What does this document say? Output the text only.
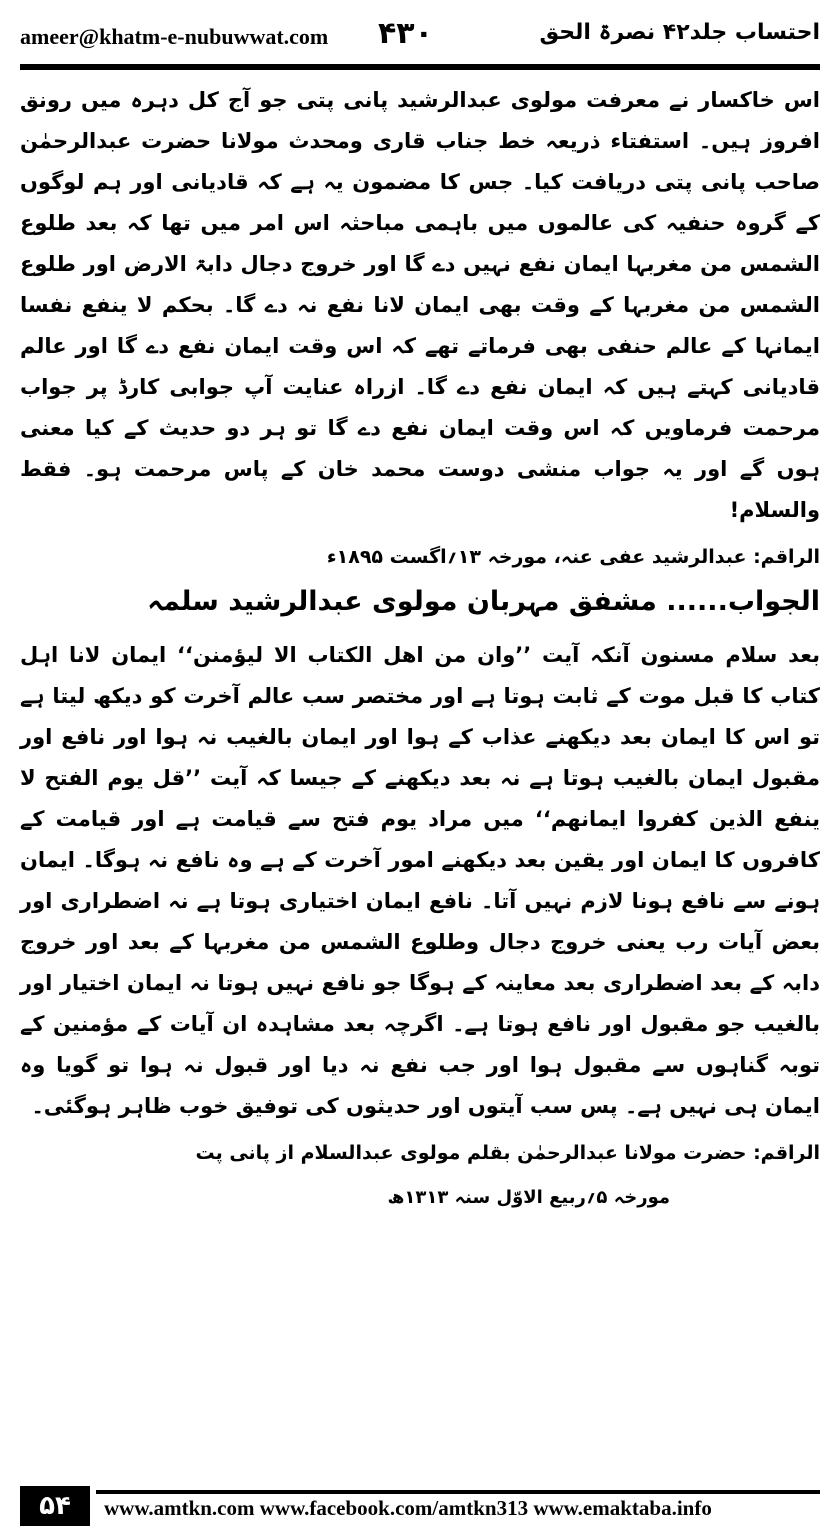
ameer@khatm-e-nubuwwat.com ۴۳۰	احتساب جلد۴۲ نصرۃ الحق

اس خاکسار نے معرفت مولوی عبدالرشید پانی پتی جو آج کل دہرہ میں رونق افروز ہیں۔ استفتاء ذریعہ خط جناب قاری ومحدث مولانا حضرت عبدالرحمٰن صاحب پانی پتی دریافت کیا۔ جس کا مضمون یہ ہے کہ قادیانی اور ہم لوگوں کے گروہ حنفیہ کی عالموں میں باہمی مباحثہ اس امر میں تھا کہ بعد طلوع الشمس من مغربہا ایمان نفع نہیں دے گا اور خروج دجال دابۃ الارض اور طلوع الشمس من مغربہا کے وقت بھی ایمان لانا نفع نہ دے گا۔ بحکم لا ینفع نفسا ایمانہا کے عالم حنفی بھی فرماتے تھے کہ اس وقت ایمان نفع دے گا اور عالم قادیانی کہتے ہیں کہ ایمان نفع دے گا۔ ازراہ عنایت آپ جوابی کارڈ پر جواب مرحمت فرماویں کہ اس وقت ایمان نفع دے گا تو ہر دو حدیث کے کیا معنی ہوں گے اور یہ جواب منشی دوست محمد خان کے پاس مرحمت ہو۔ فقط والسلام!

الراقم: عبدالرشید عفی عنہ، مورخہ ۱۳؍اگست ۱۸۹۵ء

الجواب...... مشفق مہربان مولوی عبدالرشید سلمہ

بعد سلام مسنون آنکہ آیت ’’وان من اھل الکتاب الا لیؤمنن‘‘ ایمان لانا اہل کتاب کا قبل موت کے ثابت ہوتا ہے اور مختصر سب عالم آخرت کو دیکھ لیتا ہے تو اس کا ایمان بعد دیکھنے عذاب کے ہوا اور ایمان بالغیب نہ ہوا اور نافع اور مقبول ایمان بالغیب ہوتا ہے نہ بعد دیکھنے کے جیسا کہ آیت ’’قل یوم الفتح لا ینفع الذین کفروا ایمانھم‘‘ میں مراد یوم فتح سے قیامت ہے اور قیامت کے کافروں کا ایمان اور یقین بعد دیکھنے امور آخرت کے ہے وہ نافع نہ ہوگا۔ ایمان ہونے سے نافع ہونا لازم نہیں آتا۔ نافع ایمان اختیاری ہوتا ہے نہ اضطراری اور بعض آیات رب یعنی خروج دجال وطلوع الشمس من مغربہا کے بعد اور خروج دابہ کے بعد اضطراری بعد معاینہ کے ہوگا جو نافع نہیں ہوتا نہ ایمان اختیار اور بالغیب جو مقبول اور نافع ہوتا ہے۔ اگرچہ بعد مشاہدہ ان آیات کے مؤمنین کے توبہ گناہوں سے مقبول ہوا اور جب نفع نہ دیا اور قبول نہ ہوا تو گویا وہ ایمان ہی نہیں ہے۔ پس سب آیتوں اور حدیثوں کی توفیق خوب ظاہر ہوگئی۔

الراقم: حضرت مولانا عبدالرحمٰن بقلم مولوی عبدالسلام از پانی پت

مورخہ ۵؍ربیع الاوّل سنہ ۱۳۱۳ھ

۵۴	www.amtkn.com www.facebook.com/amtkn313 www.emaktaba.info
